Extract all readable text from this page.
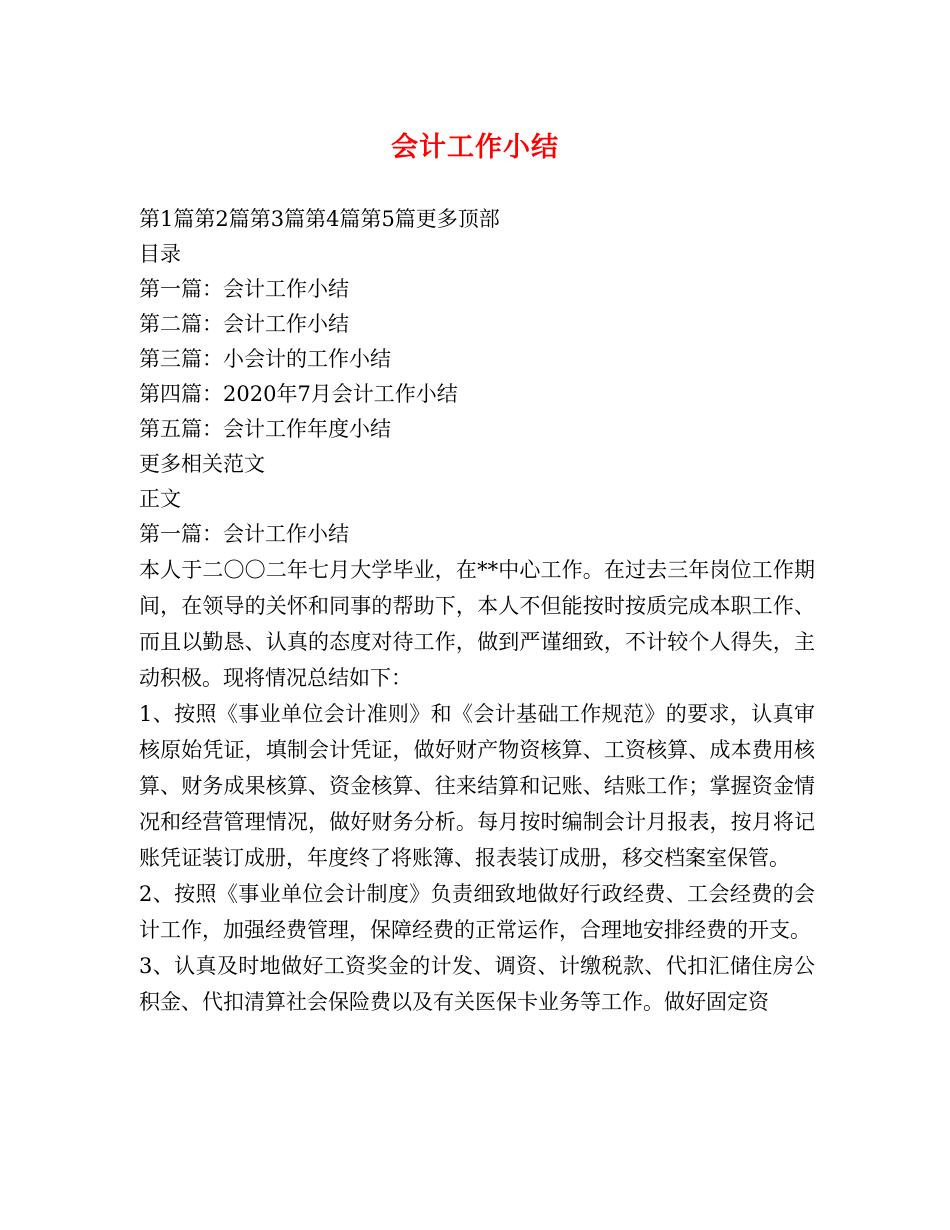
会计工作小结
第1篇第2篇第3篇第4篇第5篇更多顶部
目录
第一篇：会计工作小结
第二篇：会计工作小结
第三篇：小会计的工作小结
第四篇：2020年7月会计工作小结
第五篇：会计工作年度小结
更多相关范文
正文
第一篇：会计工作小结

本人于二〇〇二年七月大学毕业，在**中心工作。在过去三年岗位工作期间，在领导的关怀和同事的帮助下，本人不但能按时按质完成本职工作、而且以勤恳、认真的态度对待工作，做到严谨细致，不计较个人得失，主动积极。现将情况总结如下：

1、按照《事业单位会计准则》和《会计基础工作规范》的要求，认真审核原始凭证，填制会计凭证，做好财产物资核算、工资核算、成本费用核算、财务成果核算、资金核算、往来结算和记账、结账工作；掌握资金情况和经营管理情况，做好财务分析。每月按时编制会计月报表，按月将记账凭证装订成册，年度终了将账簿、报表装订成册，移交档案室保管。

2、按照《事业单位会计制度》负责细致地做好行政经费、工会经费的会计工作，加强经费管理，保障经费的正常运作，合理地安排经费的开支。

3、认真及时地做好工资奖金的计发、调资、计缴税款、代扣汇储住房公积金、代扣清算社会保险费以及有关医保卡业务等工作。做好固定资
